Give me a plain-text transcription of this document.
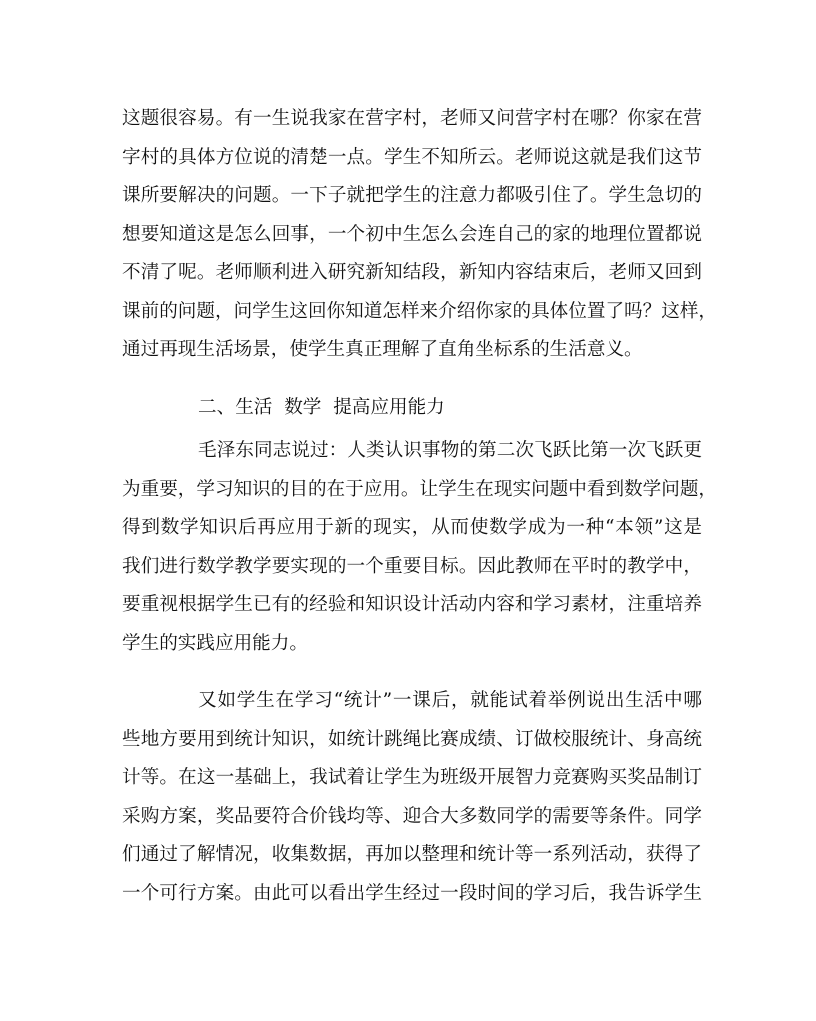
这题很容易。有一生说我家在营字村，老师又问营字村在哪？你家在营
字村的具体方位说的清楚一点。学生不知所云。老师说这就是我们这节
课所要解决的问题。一下子就把学生的注意力都吸引住了。学生急切的
想要知道这是怎么回事，一个初中生怎么会连自己的家的地理位置都说
不清了呢。老师顺利进入研究新知结段，新知内容结束后，老师又回到
课前的问题，问学生这回你知道怎样来介绍你家的具体位置了吗？这样，
通过再现生活场景，使学生真正理解了直角坐标系的生活意义。
二、生活  数学  提高应用能力
毛泽东同志说过：人类认识事物的第二次飞跃比第一次飞跃更
为重要，学习知识的目的在于应用。让学生在现实问题中看到数学问题，
得到数学知识后再应用于新的现实，从而使数学成为一种“本领”这是
我们进行数学教学要实现的一个重要目标。因此教师在平时的教学中，
要重视根据学生已有的经验和知识设计活动内容和学习素材，注重培养
学生的实践应用能力。
又如学生在学习“统计”一课后，就能试着举例说出生活中哪
些地方要用到统计知识，如统计跳绳比赛成绩、订做校服统计、身高统
计等。在这一基础上，我试着让学生为班级开展智力竞赛购买奖品制订
采购方案，奖品要符合价钱均等、迎合大多数同学的需要等条件。同学
们通过了解情况，收集数据，再加以整理和统计等一系列活动，获得了
一个可行方案。由此可以看出学生经过一段时间的学习后，我告诉学生
